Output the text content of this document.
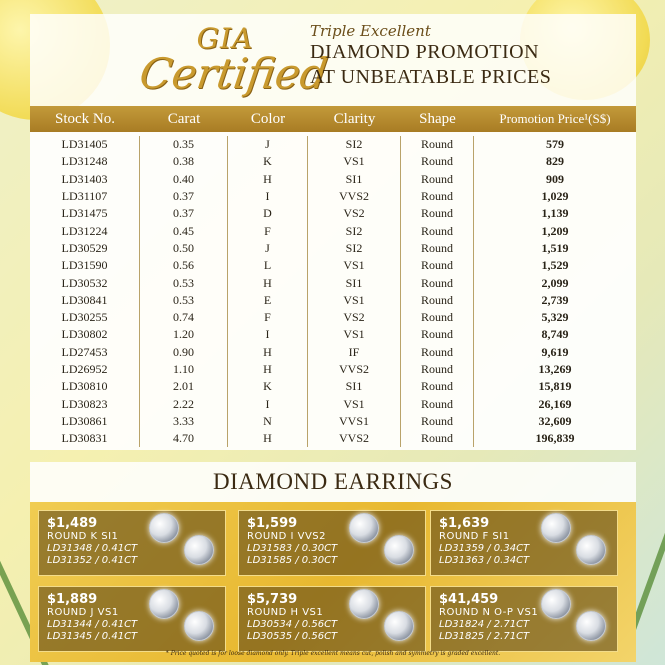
GIA
Certified
Triple Excellent
DIAMOND PROMOTION
AT UNBEATABLE PRICES
Stock No.	Carat	Color	Clarity	Shape	Promotion Price¹(S$)
LD31405	0.35	J	SI2	Round	579
LD31248	0.38	K	VS1	Round	829
LD31403	0.40	H	SI1	Round	909
LD31107	0.37	I	VVS2	Round	1,029
LD31475	0.37	D	VS2	Round	1,139
LD31224	0.45	F	SI2	Round	1,209
LD30529	0.50	J	SI2	Round	1,519
LD31590	0.56	L	VS1	Round	1,529
LD30532	0.53	H	SI1	Round	2,099
LD30841	0.53	E	VS1	Round	2,739
LD30255	0.74	F	VS2	Round	5,329
LD30802	1.20	I	VS1	Round	8,749
LD27453	0.90	H	IF	Round	9,619
LD26952	1.10	H	VVS2	Round	13,269
LD30810	2.01	K	SI1	Round	15,819
LD30823	2.22	I	VS1	Round	26,169
LD30861	3.33	N	VVS1	Round	32,609
LD30831	4.70	H	VVS2	Round	196,839
DIAMOND EARRINGS
$1,489
ROUND K SI1
LD31348 / 0.41CT
LD31352 / 0.41CT
$1,599
ROUND I VVS2
LD31583 / 0.30CT
LD31585 / 0.30CT
$1,639
ROUND F SI1
LD31359 / 0.34CT
LD31363 / 0.34CT
$1,889
ROUND J VS1
LD31344 / 0.41CT
LD31345 / 0.41CT
$5,739
ROUND H VS1
LD30534 / 0.56CT
LD30535 / 0.56CT
$41,459
ROUND N O-P VS1
LD31824 / 2.71CT
LD31825 / 2.71CT
* Price quoted is for loose diamond only. Triple excellent means cut, polish and symmetry is graded excellent.
